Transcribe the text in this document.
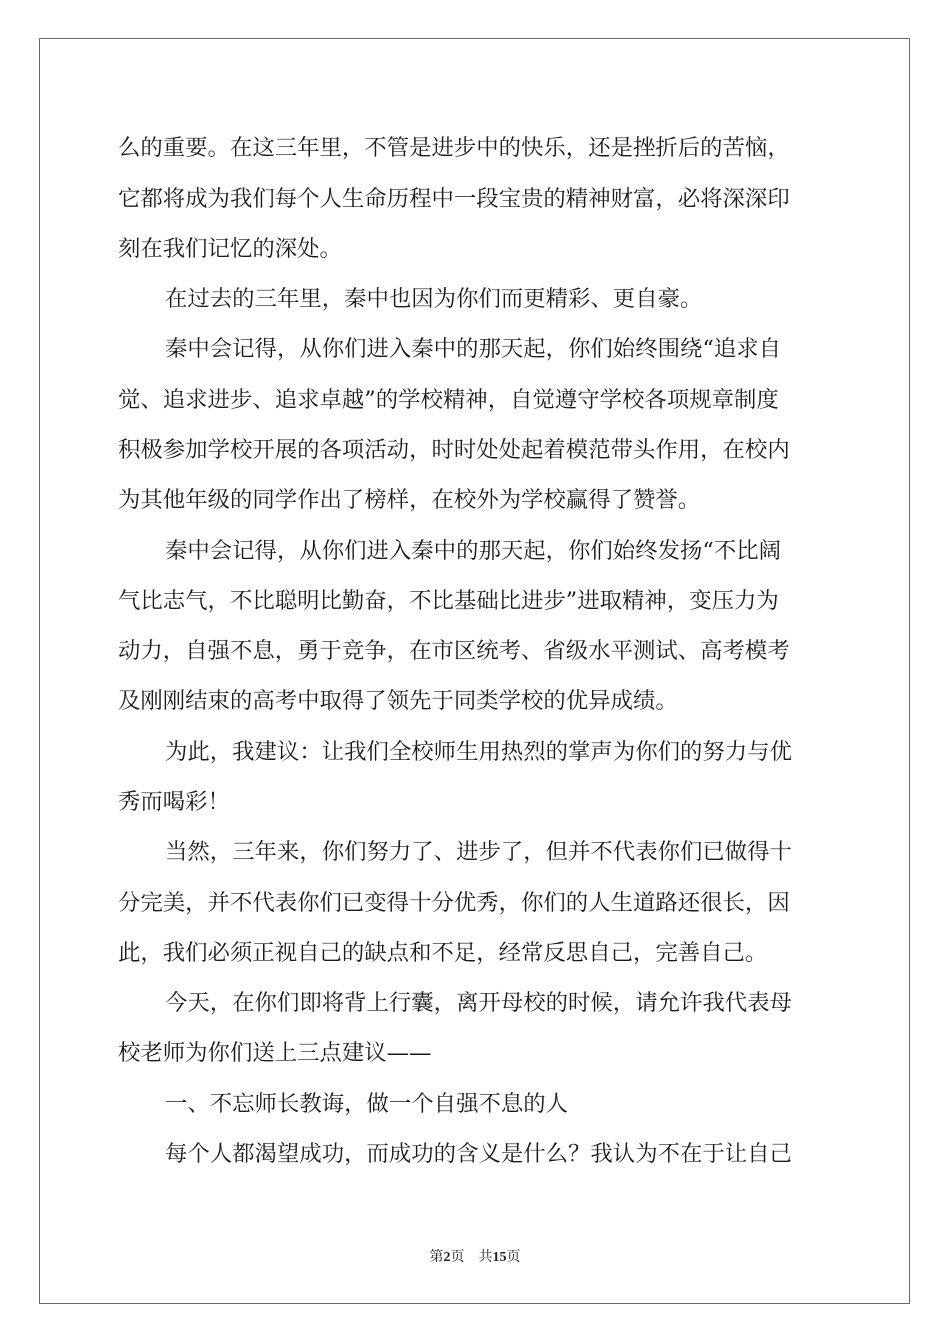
么的重要。在这三年里，不管是进步中的快乐，还是挫折后的苦恼，
它都将成为我们每个人生命历程中一段宝贵的精神财富，必将深深印
刻在我们记忆的深处。
在过去的三年里，秦中也因为你们而更精彩、更自豪。
秦中会记得，从你们进入秦中的那天起，你们始终围绕“追求自
觉、追求进步、追求卓越”的学校精神，自觉遵守学校各项规章制度
积极参加学校开展的各项活动，时时处处起着模范带头作用，在校内
为其他年级的同学作出了榜样，在校外为学校赢得了赞誉。
秦中会记得，从你们进入秦中的那天起，你们始终发扬“不比阔
气比志气，不比聪明比勤奋，不比基础比进步”进取精神，变压力为
动力，自强不息，勇于竞争，在市区统考、省级水平测试、高考模考
及刚刚结束的高考中取得了领先于同类学校的优异成绩。
为此，我建议：让我们全校师生用热烈的掌声为你们的努力与优
秀而喝彩！
当然，三年来，你们努力了、进步了，但并不代表你们已做得十
分完美，并不代表你们已变得十分优秀，你们的人生道路还很长，因
此，我们必须正视自己的缺点和不足，经常反思自己，完善自己。
今天，在你们即将背上行囊，离开母校的时候，请允许我代表母
校老师为你们送上三点建议——
一、不忘师长教诲，做一个自强不息的人
每个人都渴望成功，而成功的含义是什么？我认为不在于让自己
第2页　共15页
